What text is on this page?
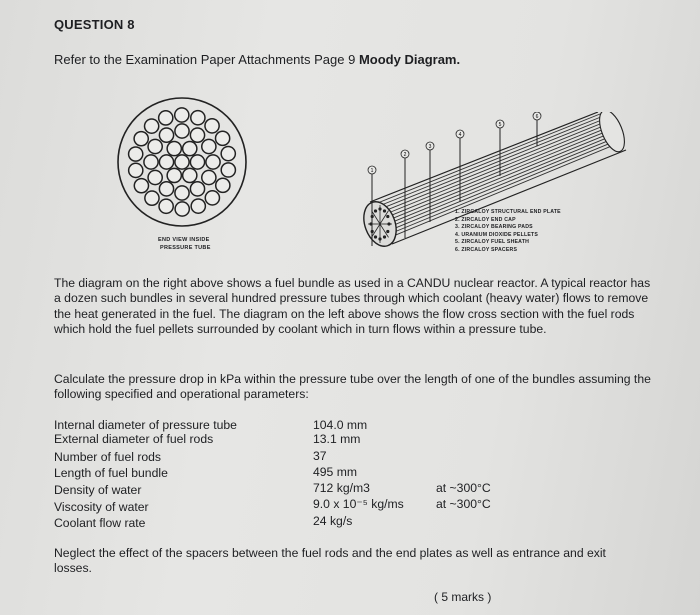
QUESTION 8
Refer to the Examination Paper Attachments Page 9 Moody Diagram.
END VIEW INSIDE
PRESSURE TUBE
1
2
3
4
5
6
1. ZIRCALOY STRUCTURAL END PLATE
2. ZIRCALOY END CAP
3. ZIRCALOY BEARING PADS
4. URANIUM DIOXIDE PELLETS
5. ZIRCALOY FUEL SHEATH
6. ZIRCALOY SPACERS
The diagram on the right above shows a fuel bundle as used in a CANDU nuclear reactor. A typical reactor has a dozen such bundles in several hundred pressure tubes through which coolant (heavy water) flows to remove the heat generated in the fuel. The diagram on the left above shows the flow cross section with the fuel rods which hold the fuel pellets surrounded by coolant which in turn flows within a pressure tube.
Calculate the pressure drop in kPa within the pressure tube over the length of one of the bundles assuming the following specified and operational parameters:
Internal diameter of pressure tube	104.0 mm
External diameter of fuel rods	13.1 mm
Number of fuel rods	37
Length of fuel bundle	495 mm
Density of water	712 kg/m3	at ~300°C
Viscosity of water	9.0 x 10⁻⁵ kg/ms	at ~300°C
Coolant flow rate	24 kg/s
Neglect the effect of the spacers between the fuel rods and the end plates as well as entrance and exit losses.
( 5 marks )
